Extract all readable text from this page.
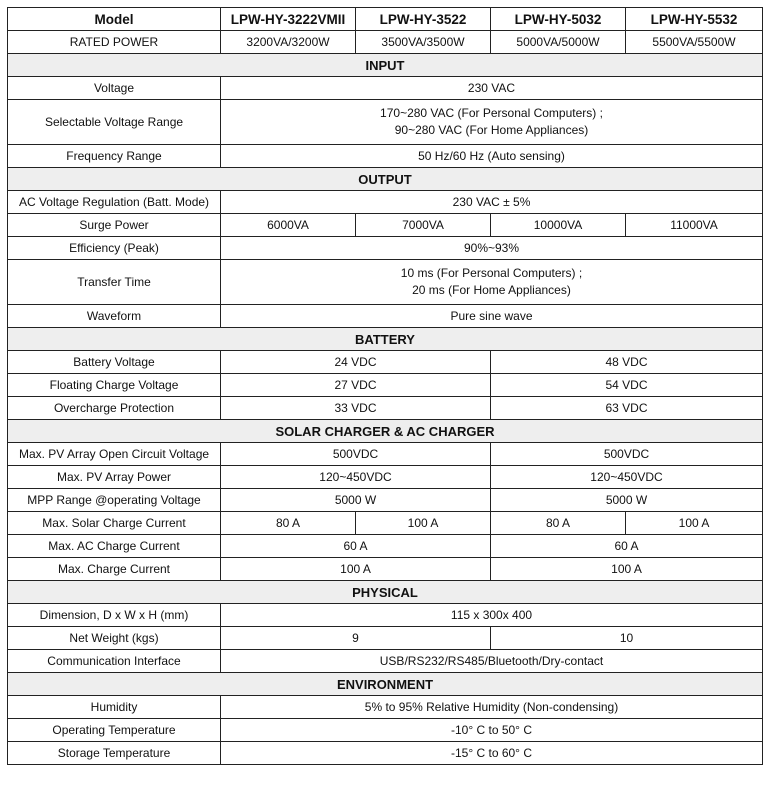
Model	LPW-HY-3222VMII	LPW-HY-3522	LPW-HY-5032	LPW-HY-5532
RATED POWER	3200VA/3200W	3500VA/3500W	5000VA/5000W	5500VA/5500W
INPUT				
Voltage	230 VAC			
Selectable Voltage Range	170~280 VAC (For Personal Computers) ;
90~280 VAC (For Home Appliances)			

Frequency Range	50 Hz/60 Hz (Auto sensing)			
OUTPUT				
AC Voltage Regulation (Batt. Mode)	230 VAC ± 5%			
Surge Power	6000VA	7000VA	10000VA	11000VA
Efficiency (Peak)	90%~93%			
Transfer Time	10 ms (For Personal Computers) ;
20 ms (For Home Appliances)			

Waveform	Pure sine wave			
BATTERY				
Battery Voltage	24 VDC		48 VDC	
Floating Charge Voltage	27 VDC		54 VDC	
Overcharge Protection	33 VDC		63 VDC	
SOLAR CHARGER & AC CHARGER				
Max. PV Array Open Circuit Voltage	500VDC		500VDC	
Max. PV Array Power	120~450VDC		120~450VDC	
MPP Range @operating Voltage	5000 W		5000 W	
Max. Solar Charge Current	80 A	100 A	80 A	100 A
Max. AC Charge Current	60 A		60 A	
Max. Charge Current	100 A		100 A	
PHYSICAL				
Dimension, D x W x H (mm)	115 x 300x 400			
Net Weight (kgs)	9		10	
Communication Interface	USB/RS232/RS485/Bluetooth/Dry-contact			
ENVIRONMENT				
Humidity	5% to 95% Relative Humidity (Non-condensing)			
Operating Temperature	-10° C to 50° C			
Storage Temperature	-15° C to 60° C			
